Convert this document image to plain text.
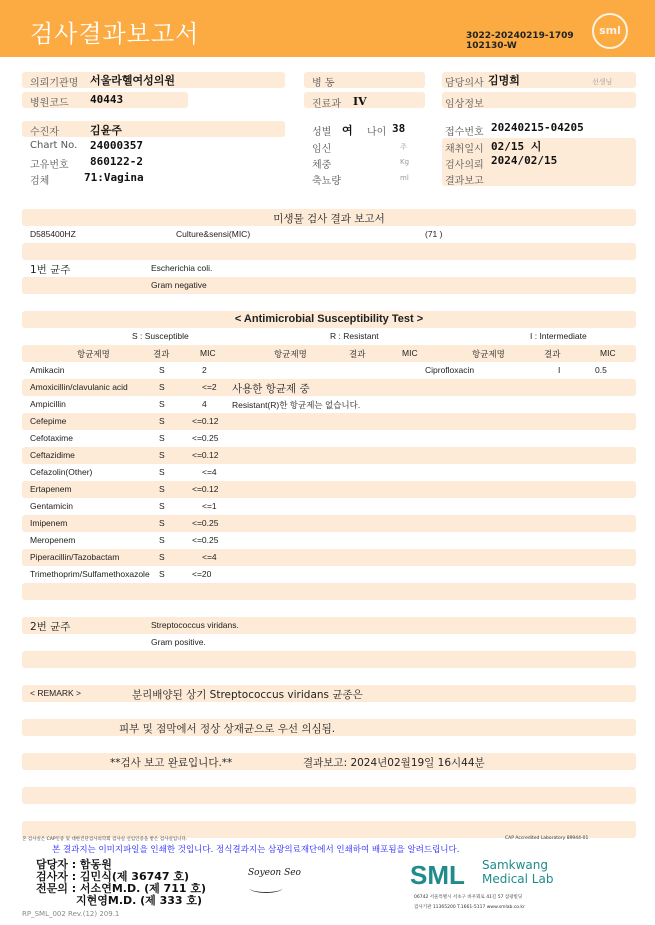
검사결과보고서	3022-20240219-1709
102130-W
sml
의뢰기관명 서울라헬여성의원
병원코드 40443
수진자	김윤주
Chart No. 24000357
고유번호 860122-2
검체	71:Vagina
병 동
진료과 IV
성별 여 나이 38
임신	주
체중	Kg
축뇨량	ml
담당의사 김명희	선생님
임상정보
접수번호 20240215-04205
채취일시 02/15 시
검사의뢰 2024/02/15
결과보고
미생물 검사 결과 보고서
D585400HZ	Culture&sensi(MIC)	(71 )
1번 균주	Escherichia coli.
Gram negative
< Antimicrobial Susceptibility Test >
S : Susceptible	R : Resistant	I : Intermediate
항균제명	결과	MIC	항균제명	결과	MIC	항균제명	결과	MIC
Amikacin	S	2	Ciprofloxacin	I	0.5
Amoxicillin/clavulanic acid	S	<=2 사용한 항균제 중
Ampicillin	S	4	Resistant(R)한 항균제는 없습니다.
Cefepime	S	<=0.12
Cefotaxime	S	<=0.25
Ceftazidime	S	<=0.12
Cefazolin(Other)	S	<=4
Ertapenem	S	<=0.12
Gentamicin	S	<=1
Imipenem	S	<=0.25
Meropenem	S	<=0.25
Piperacillin/Tazobactam	S	<=4
Trimethoprim/Sulfamethoxazole S	<=20
2번 균주	Streptococcus viridans.
Gram positive.
< REMARK >	분리배양된 상기 Streptococcus viridans 균종은
피부 및 점막에서 정상 상재균으로 우선 의심됨.
**검사 보고 완료입니다.**	결과보고: 2024년02월19일 16시44분
본 검사실은 CAP인증 및 대한진단검사의학회 검사실 신임인증을 받은 검사실입니다.	CAP Accredited Laboratory 89944-01
본 결과지는 이미지파일을 인쇄한 것입니다. 정식결과지는 삼광의료재단에서 인쇄하여 배포됨을 알려드립니다.
담당자 : 함동원
검사자 : 김민식(제 36747 호)
전문의 : 서소연M.D. (제 711 호)
지현영M.D. (제 333 호)
Soyeon Seo	SML Samkwang
Medical Lab
06742 서울특별시 서초구 바우뫼로 41길 57 삼광빌딩
검사기관 11365200 T.1661-5117 www.smlab.co.kr
RP_SML_002 Rev.(12) 209.1
